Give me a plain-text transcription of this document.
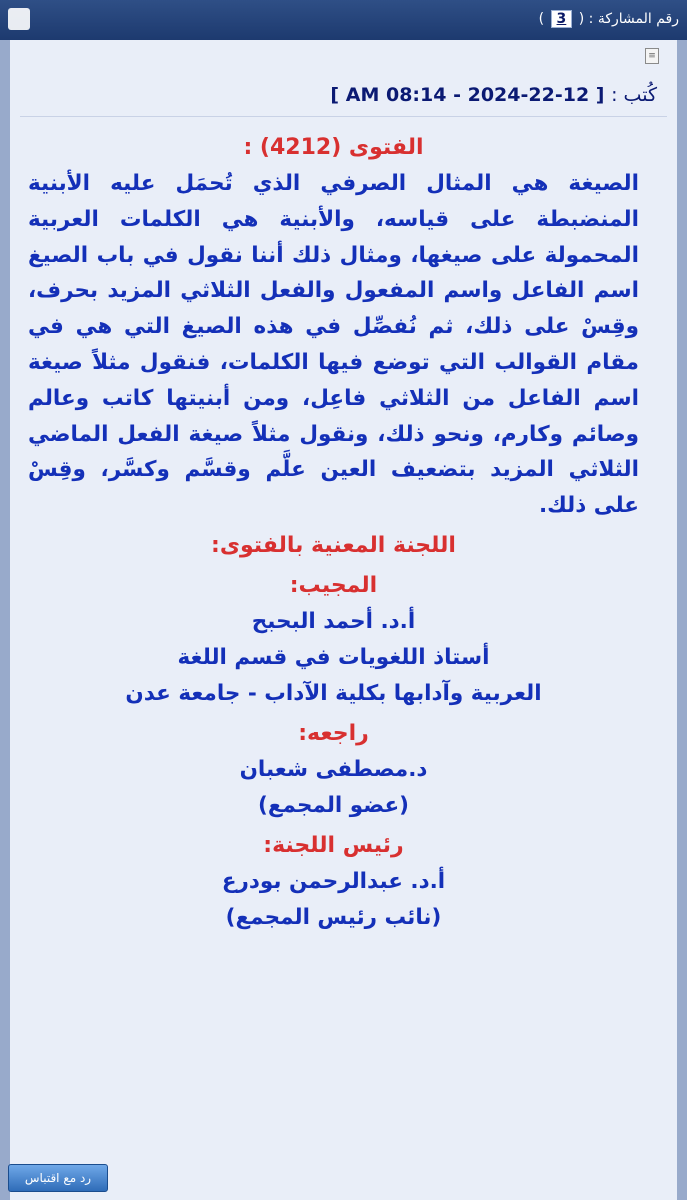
رقم المشاركة : ( 3 )
≡
كُتب : [ 12-22-2024 - 08:14 AM ]
الفتوى (4212) :

الصيغة هي المثال الصرفي الذي تُحمَل عليه الأبنية المنضبطة على قياسه، والأبنية هي الكلمات العربية المحمولة على صيغها، ومثال ذلك أننا نقول في باب الصيغ اسم الفاعل واسم المفعول والفعل الثلاثي المزيد بحرف، وقِسْ على ذلك، ثم نُفصِّل في هذه الصيغ التي هي في مقام القوالب التي توضع فيها الكلمات، فنقول مثلاً صيغة اسم الفاعل من الثلاثي فاعِل، ومن أبنيتها كاتب وعالم وصائم وكارم، ونحو ذلك، ونقول مثلاً صيغة الفعل الماضي الثلاثي المزيد بتضعيف العين علَّم وقسَّم وكسَّر، وقِسْ على ذلك.

اللجنة المعنية بالفتوى:
المجيب:
أ.د. أحمد البحبح
أستاذ اللغويات في قسم اللغة
العربية وآدابها بكلية الآداب - جامعة عدن
راجعه:
د.مصطفى شعبان
(عضو المجمع)
رئيس اللجنة:
أ.د. عبدالرحمن بودرع
(نائب رئيس المجمع)
رد مع اقتباس
